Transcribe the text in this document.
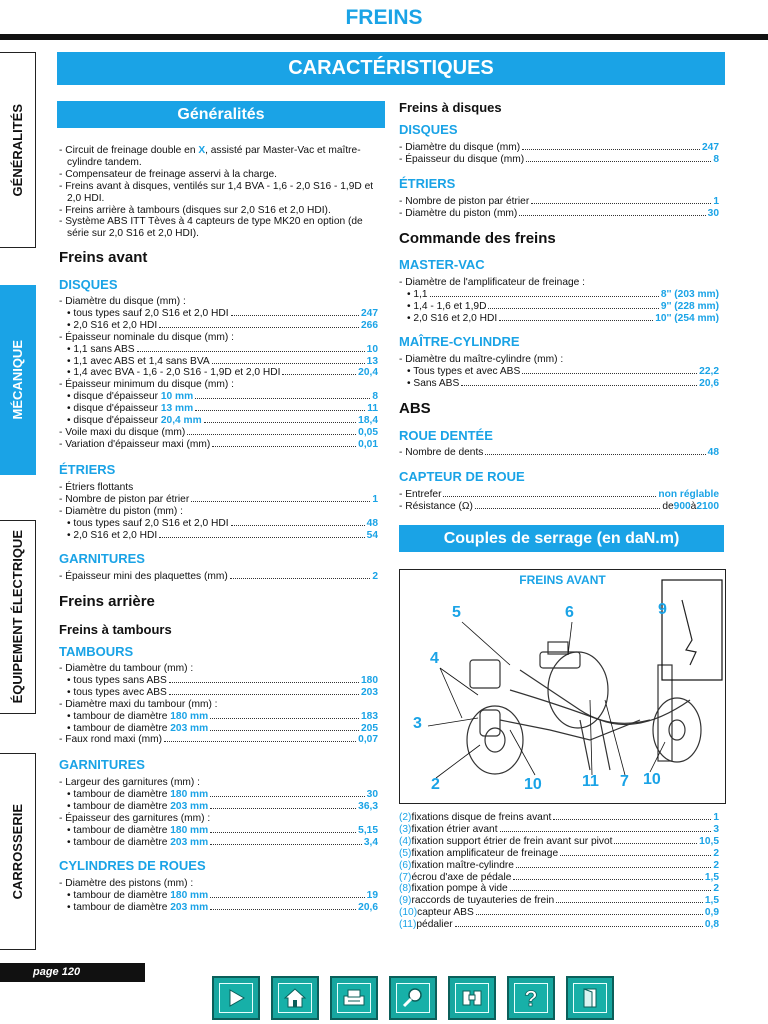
FREINS
CARACTÉRISTIQUES
GÉNÉRALITÉS
MÉCANIQUE
ÉQUIPEMENT ÉLECTRIQUE
CARROSSERIE
Généralités
- Circuit de freinage double en X, assisté par Master-Vac et maître-cylindre tandem.
- Compensateur de freinage asservi à la charge.
- Freins avant à disques, ventilés sur 1,4 BVA - 1,6 - 2,0 S16 - 1,9D et 2,0 HDI.
- Freins arrière à tambours (disques sur 2,0 S16 et 2,0 HDI).
- Système ABS ITT Tèves à 4 capteurs de type MK20 en option (de série sur 2,0 S16 et 2,0 HDI).
Freins avant
DISQUES
- Diamètre du disque (mm) :
• tous types sauf 2,0 S16 et 2,0 HDI	247
• 2,0 S16 et 2,0 HDI	266
- Épaisseur nominale du disque (mm) :
• 1,1 sans ABS	10
• 1,1 avec ABS et 1,4 sans BVA	13
• 1,4 avec BVA - 1,6 - 2,0 S16 - 1,9D et 2,0 HDI	20,4
- Épaisseur minimum du disque (mm) :
• disque d'épaisseur 10 mm	8
• disque d'épaisseur 13 mm	11
• disque d'épaisseur 20,4 mm	18,4
- Voile maxi du disque (mm)	0,05
- Variation d'épaisseur maxi (mm)	0,01
ÉTRIERS
- Étriers flottants
- Nombre de piston par étrier	1
- Diamètre du piston (mm) :
• tous types sauf 2,0 S16 et 2,0 HDI	48
• 2,0 S16 et 2,0 HDI	54
GARNITURES
- Épaisseur mini des plaquettes (mm)	2
Freins arrière
Freins à tambours
TAMBOURS
- Diamètre du tambour (mm) :
• tous types sans ABS	180
• tous types avec ABS	203
- Diamètre maxi du tambour (mm) :
• tambour de diamètre 180 mm	183
• tambour de diamètre 203 mm	205
- Faux rond maxi (mm)	0,07
GARNITURES
- Largeur des garnitures (mm) :
• tambour de diamètre 180 mm	30
• tambour de diamètre 203 mm	36,3
- Épaisseur des garnitures (mm) :
• tambour de diamètre 180 mm	5,15
• tambour de diamètre 203 mm	3,4
CYLINDRES DE ROUES
- Diamètre des pistons (mm) :
• tambour de diamètre 180 mm	19
• tambour de diamètre 203 mm	20,6
Freins à disques
DISQUES
- Diamètre du disque (mm)	247
- Épaisseur du disque (mm)	8
ÉTRIERS
- Nombre de piston par étrier	1
- Diamètre du piston (mm)	30
Commande des freins
MASTER-VAC
- Diamètre de l'amplificateur de freinage :
• 1,1	8'' (203 mm)
• 1,4 - 1,6 et 1,9D	9'' (228 mm)
• 2,0 S16 et 2,0 HDI	10'' (254 mm)
MAÎTRE-CYLINDRE
- Diamètre du maître-cylindre (mm) :
• Tous types et avec ABS	22,2
• Sans ABS	20,6
ABS
ROUE DENTÉE
- Nombre de dents	48
CAPTEUR DE ROUE
- Entrefer	non réglable
- Résistance (Ω)	de 900 à 2100
Couples de serrage (en daN.m)
FREINS AVANT
5	6	9
4
3
2	10	11 7 10
(2) fixations disque de freins avant	1
(3) fixation étrier avant	3
(4) fixation support étrier de frein avant sur pivot	10,5
(5) fixation amplificateur de freinage	2
(6) fixation maître-cylindre	2
(7) écrou d'axe de pédale	1,5
(8) fixation pompe à vide	2
(9) raccords de tuyauteries de frein	1,5
(10) capteur ABS	0,9
(11) pédalier	0,8
page 120
?
